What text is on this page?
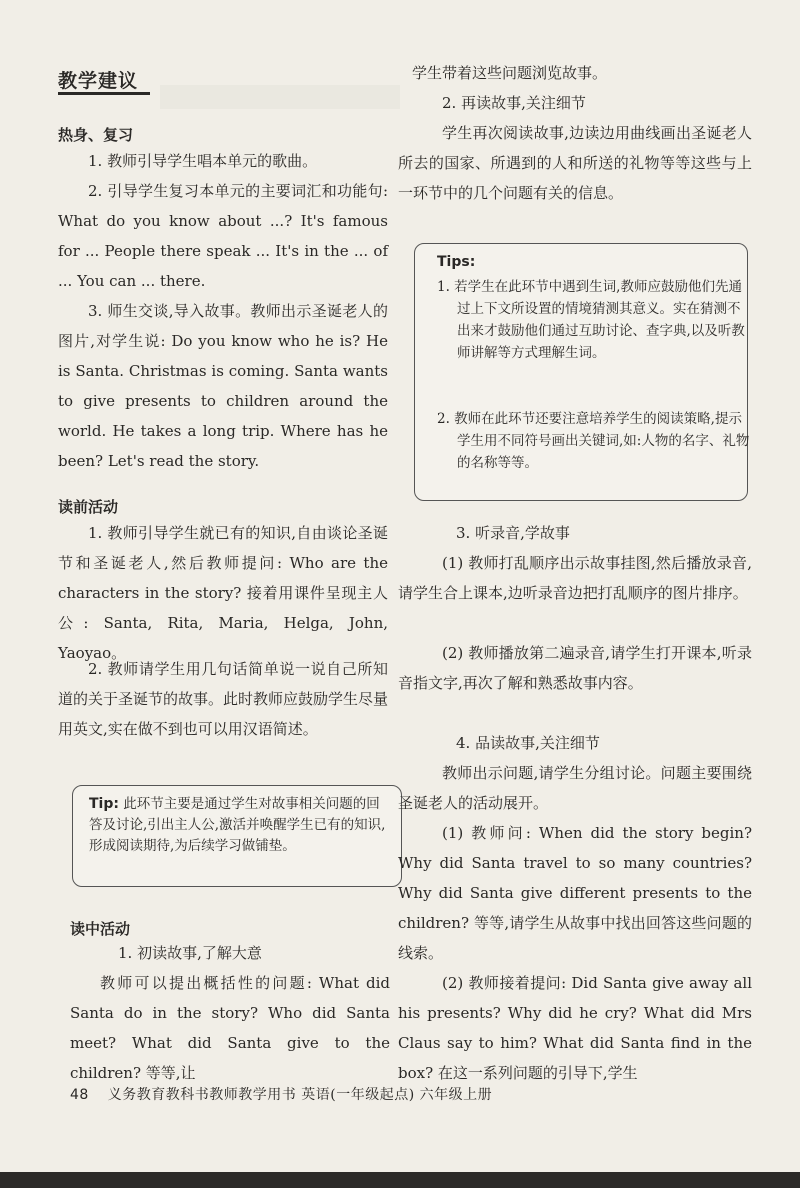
教学建议
热身、复习

1. 教师引导学生唱本单元的歌曲。

2. 引导学生复习本单元的主要词汇和功能句: What do you know about ...? It's famous for ... People there speak ... It's in the ... of ... You can ... there.

3. 师生交谈,导入故事。教师出示圣诞老人的图片,对学生说: Do you know who he is? He is Santa. Christmas is coming. Santa wants to give presents to children around the world. He takes a long trip. Where has he been? Let's read the story.

读前活动

1. 教师引导学生就已有的知识,自由谈论圣诞节和圣诞老人,然后教师提问: Who are the characters in the story? 接着用课件呈现主人公: Santa, Rita, Maria, Helga, John, Yaoyao。

2. 教师请学生用几句话简单说一说自己所知道的关于圣诞节的故事。此时教师应鼓励学生尽量用英文,实在做不到也可以用汉语简述。

Tip: 此环节主要是通过学生对故事相关问题的回答及讨论,引出主人公,激活并唤醒学生已有的知识,形成阅读期待,为后续学习做铺垫。
读中活动

1. 初读故事,了解大意

教师可以提出概括性的问题: What did Santa do in the story? Who did Santa meet? What did Santa give to the children? 等等,让

学生带着这些问题浏览故事。

2. 再读故事,关注细节

学生再次阅读故事,边读边用曲线画出圣诞老人所去的国家、所遇到的人和所送的礼物等等这些与上一环节中的几个问题有关的信息。

Tips:
1. 若学生在此环节中遇到生词,教师应鼓励他们先通过上下文所设置的情境猜测其意义。实在猜测不出来才鼓励他们通过互助讨论、查字典,以及听教师讲解等方式理解生词。
2. 教师在此环节还要注意培养学生的阅读策略,提示学生用不同符号画出关键词,如:人物的名字、礼物的名称等等。

3. 听录音,学故事

(1) 教师打乱顺序出示故事挂图,然后播放录音,请学生合上课本,边听录音边把打乱顺序的图片排序。

(2) 教师播放第二遍录音,请学生打开课本,听录音指文字,再次了解和熟悉故事内容。

4. 品读故事,关注细节

教师出示问题,请学生分组讨论。问题主要围绕圣诞老人的活动展开。

(1) 教师问: When did the story begin? Why did Santa travel to so many countries? Why did Santa give different presents to the children? 等等,请学生从故事中找出回答这些问题的线索。

(2) 教师接着提问: Did Santa give away all his presents? Why did he cry? What did Mrs Claus say to him? What did Santa find in the box? 在这一系列问题的引导下,学生

48 义务教育教科书教师教学用书 英语(一年级起点) 六年级上册
